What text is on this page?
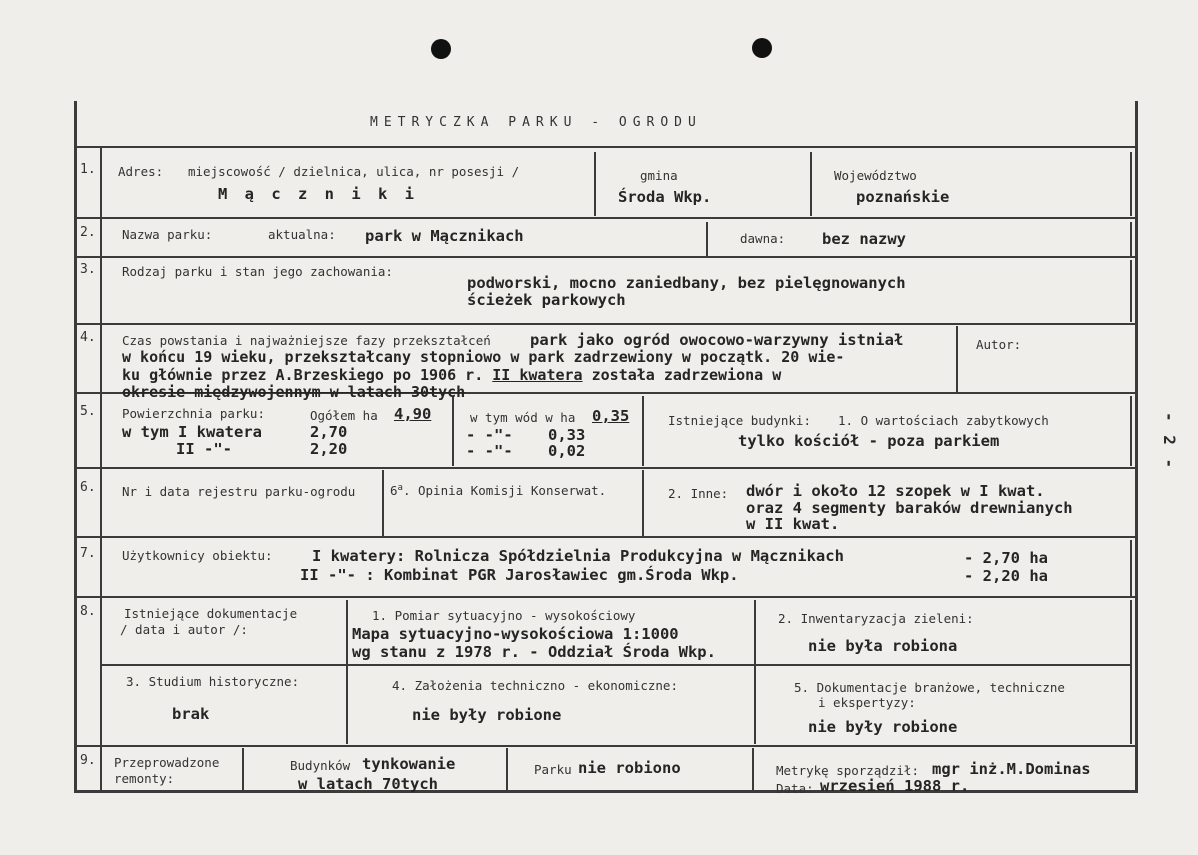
- 2 -
METRYCZKA PARKU - OGRODU
1. Adres: miejscowość / dzielnica, ulica, nr posesji /
M ą c z n i k i
gmina
Środa Wkp.
Województwo
poznańskie
2. Nazwa parku:	aktualna: park w Mącznikach	dawna: bez nazwy
3. Rodzaj parku i stan jego zachowania:
podworski, mocno zaniedbany, bez pielęgnowanych
ścieżek parkowych
4. Czas powstania i najważniejsze fazy przekształceń	park jako ogród owocowo-warzywny istniał
w końcu 19 wieku, przekształcany stopniowo w park zadrzewiony w początk. 20 wie-
ku głównie przez A.Brzeskiego po 1906 r. II kwatera została zadrzewiona w
okresie międzywojennym w latach 30tych
Autor:
5. Powierzchnia parku:	Ogółem ha 4,90
w tym I kwatera	2,70
II -"-	2,20
w tym wód w ha 0,35
- -"- 0,33
- -"- 0,02
Istniejące budynki: 1. O wartościach zabytkowych
tylko kościół - poza parkiem
6. Nr i data rejestru parku-ogrodu	6$^a$. Opinia Komisji Konserwat.	2. Inne: dwór i około 12 szopek w I kwat.
oraz 4 segmenty baraków drewnianych
w II kwat.
7. Użytkownicy obiektu:	I kwatery: Rolnicza Spółdzielnia Produkcyjna w Mącznikach	- 2,70 ha
II -"- : Kombinat PGR Jarosławiec gm.Środa Wkp.	- 2,20 ha
8. Istniejące dokumentacje
/ data i autor /:
1. Pomiar sytuacyjno - wysokościowy
Mapa sytuacyjno-wysokościowa 1:1000
wg stanu z 1978 r. - Oddział Środa Wkp.
2. Inwentaryzacja zieleni:
nie była robiona
3. Studium historyczne:
brak
4. Założenia techniczno - ekonomiczne:
nie były robione
5. Dokumentacje branżowe, techniczne
i ekspertyzy:
nie były robione
9. Przeprowadzone
remonty:
Budynków tynkowanie
w latach 70tych
Parku nie robiono	Metrykę sporządził: mgr inż.M.Dominas
Data: wrzesień 1988 r.
